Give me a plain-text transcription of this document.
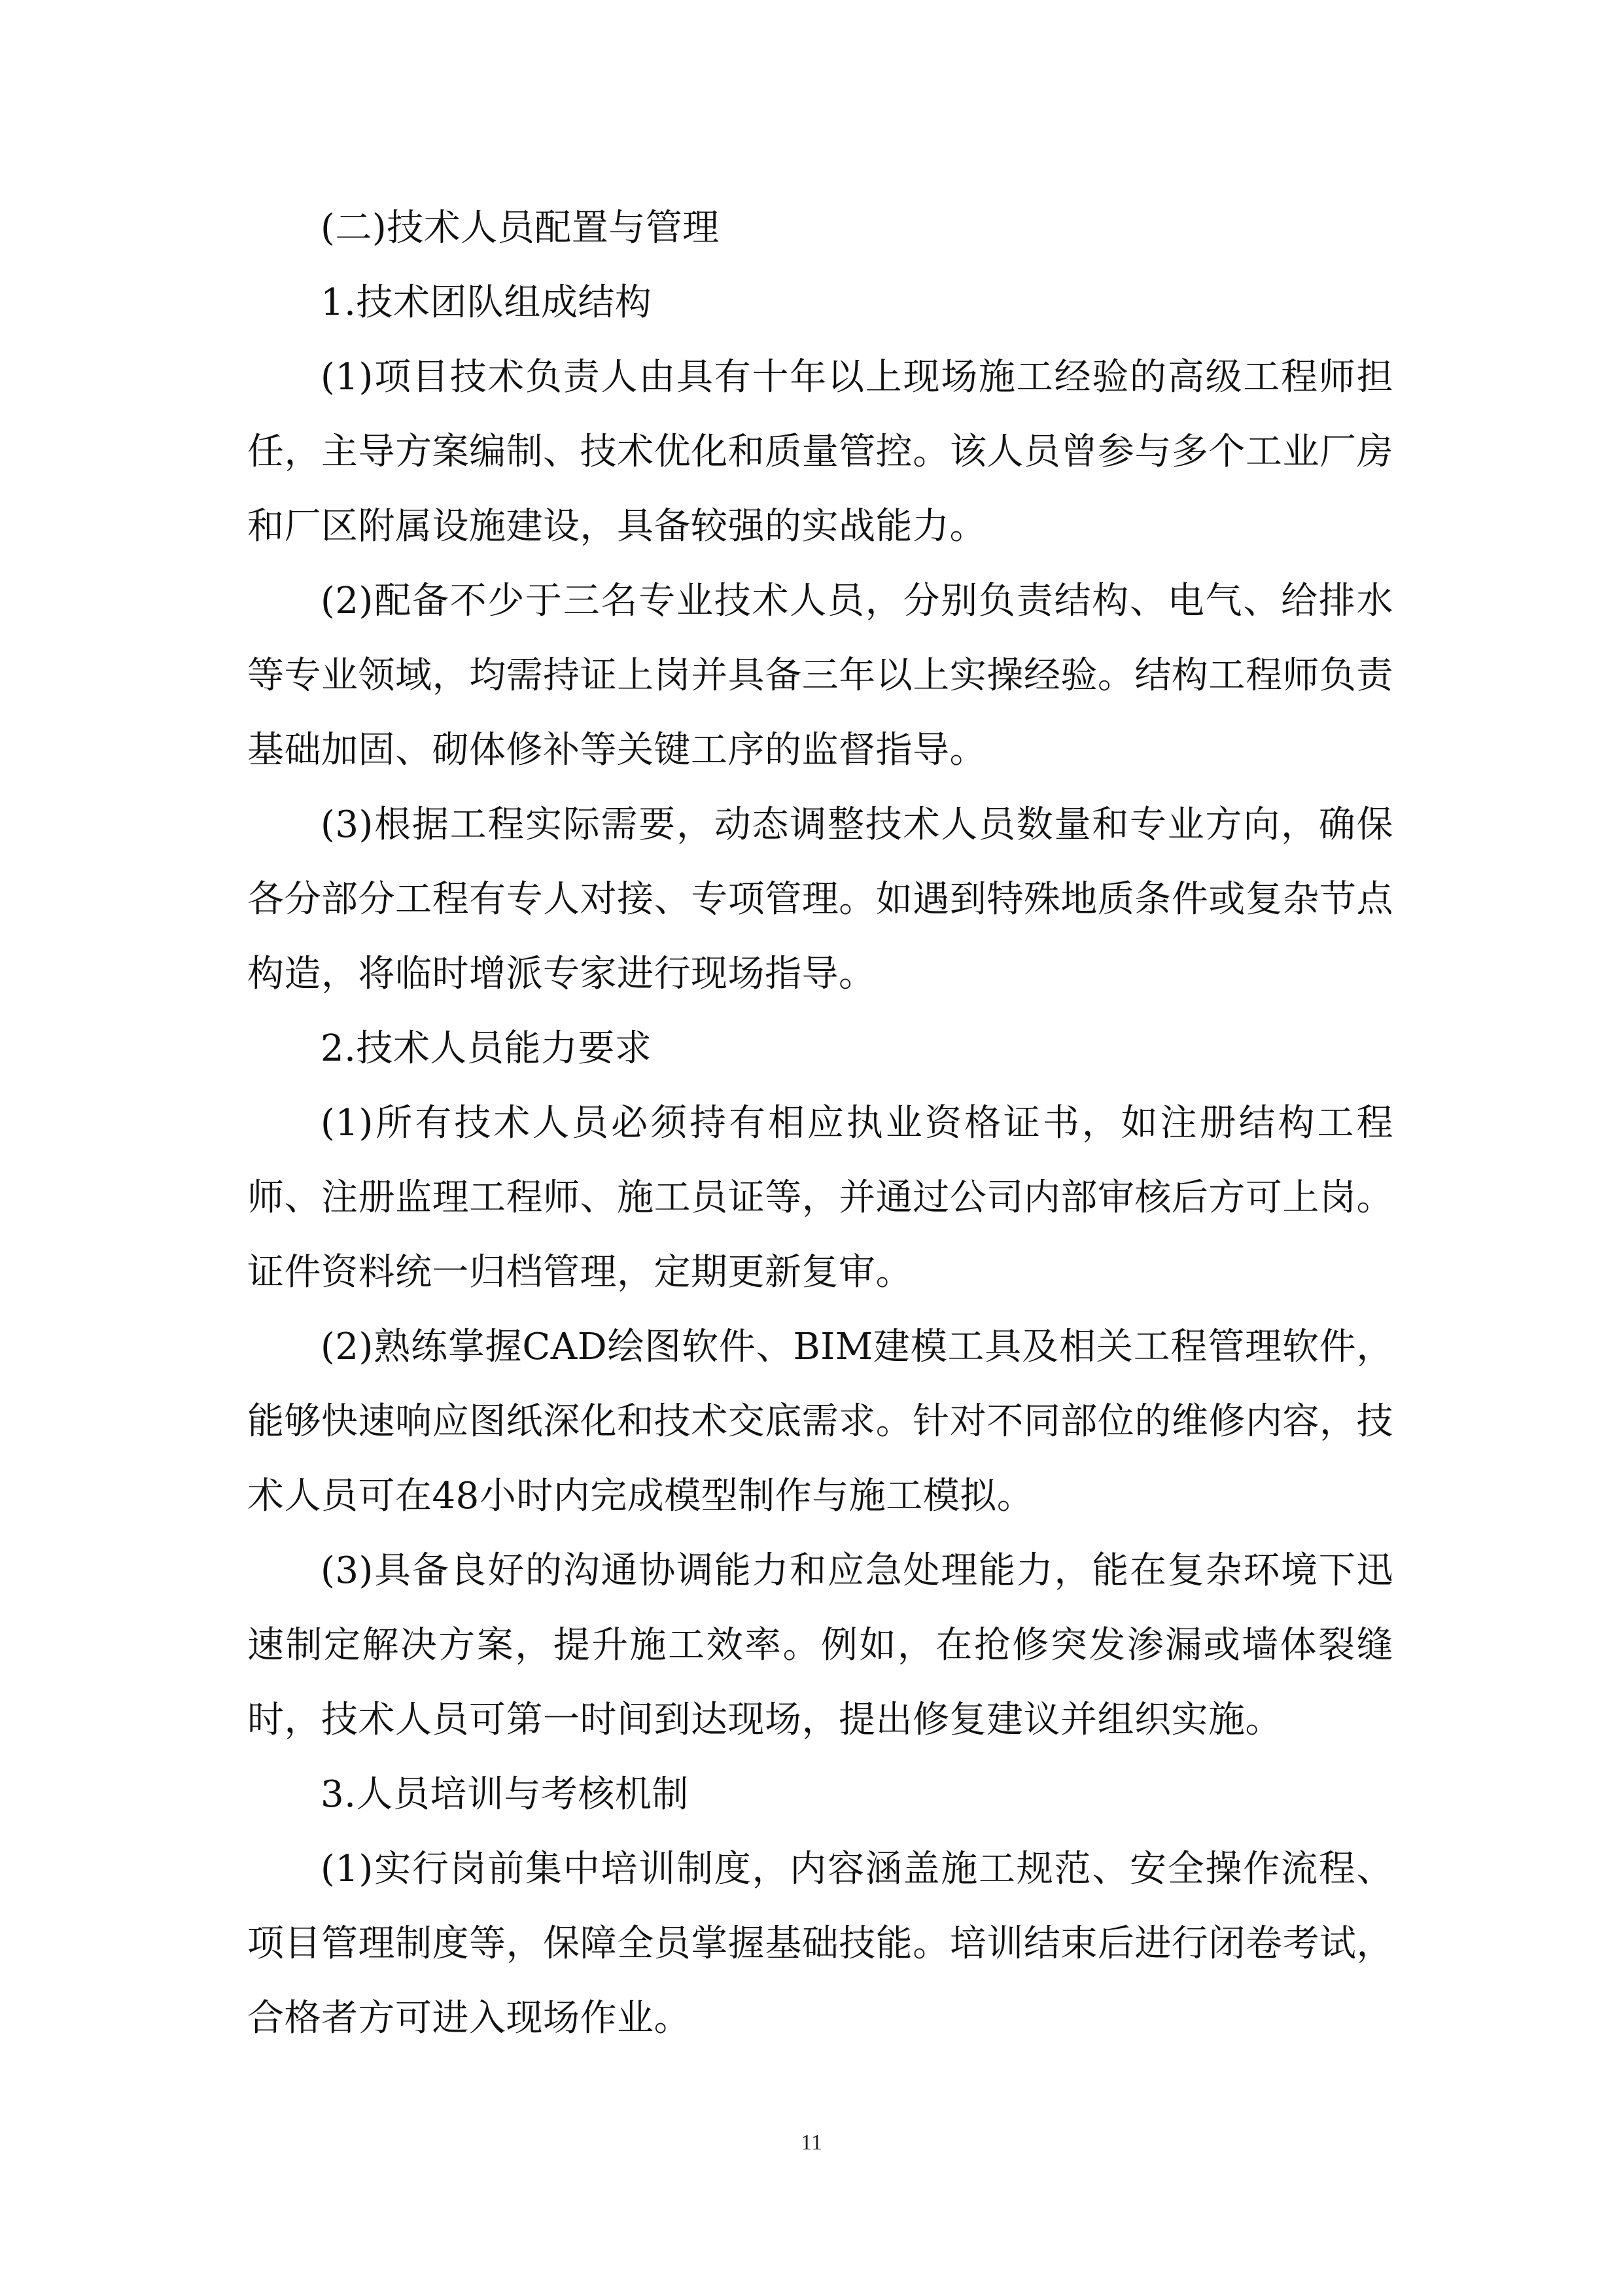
(二)技术人员配置与管理

1.技术团队组成结构

(1)项目技术负责人由具有十年以上现场施工经验的高级工程师担任，主导方案编制、技术优化和质量管控。该人员曾参与多个工业厂房和厂区附属设施建设，具备较强的实战能力。

(2)配备不少于三名专业技术人员，分别负责结构、电气、给排水等专业领域，均需持证上岗并具备三年以上实操经验。结构工程师负责基础加固、砌体修补等关键工序的监督指导。

(3)根据工程实际需要，动态调整技术人员数量和专业方向，确保各分部分工程有专人对接、专项管理。如遇到特殊地质条件或复杂节点构造，将临时增派专家进行现场指导。

2.技术人员能力要求

(1)所有技术人员必须持有相应执业资格证书，如注册结构工程师、注册监理工程师、施工员证等，并通过公司内部审核后方可上岗。证件资料统一归档管理，定期更新复审。

(2)熟练掌握CAD绘图软件、BIM建模工具及相关工程管理软件，能够快速响应图纸深化和技术交底需求。针对不同部位的维修内容，技术人员可在48小时内完成模型制作与施工模拟。

(3)具备良好的沟通协调能力和应急处理能力，能在复杂环境下迅速制定解决方案，提升施工效率。例如，在抢修突发渗漏或墙体裂缝时，技术人员可第一时间到达现场，提出修复建议并组织实施。

3.人员培训与考核机制

(1)实行岗前集中培训制度，内容涵盖施工规范、安全操作流程、项目管理制度等，保障全员掌握基础技能。培训结束后进行闭卷考试，合格者方可进入现场作业。

11
